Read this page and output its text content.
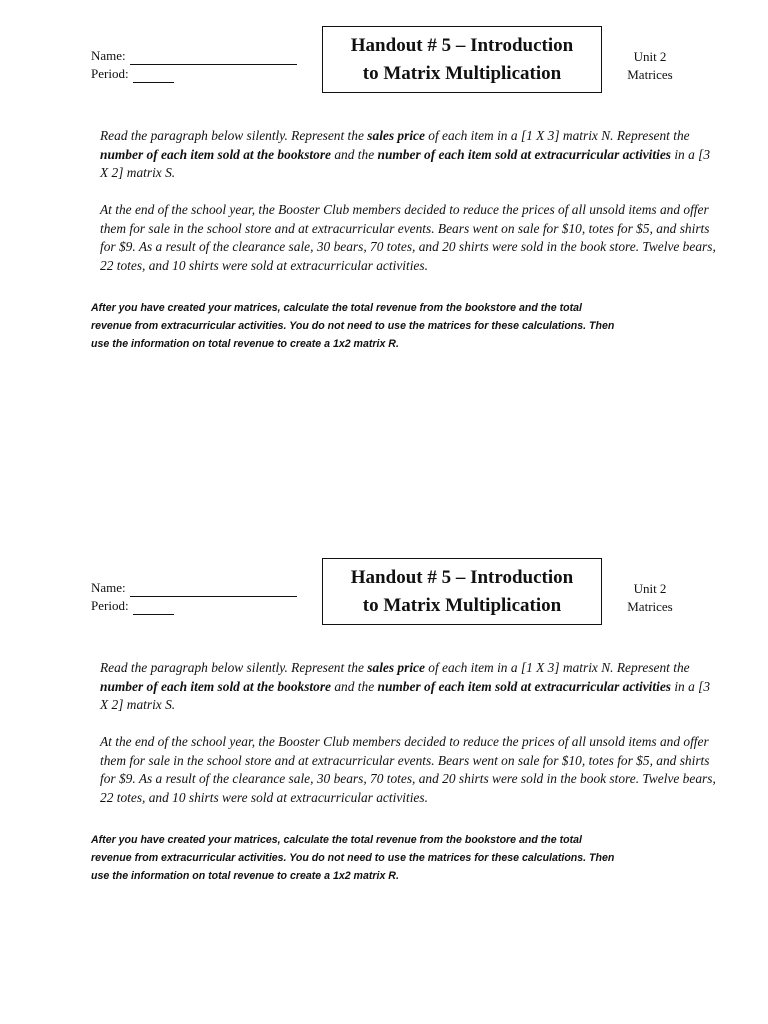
Name:
Period:
Handout # 5 – Introduction
to Matrix Multiplication
Unit 2
Matrices
Read the paragraph below silently. Represent the sales price of each item in a [1 X 3] matrix N. Represent the number of each item sold at the bookstore and the number of each item sold at extracurricular activities in a [3 X 2] matrix S.
At the end of the school year, the Booster Club members decided to reduce the prices of all unsold items and offer them for sale in the school store and at extracurricular events. Bears went on sale for $10, totes for $5, and shirts for $9. As a result of the clearance sale, 30 bears, 70 totes, and 20 shirts were sold in the book store. Twelve bears, 22 totes, and 10 shirts were sold at extracurricular activities.
After you have created your matrices, calculate the total revenue from the bookstore and the total
revenue from extracurricular activities. You do not need to use the matrices for these calculations. Then
use the information on total revenue to create a 1x2 matrix R.
Name:
Period:
Handout # 5 – Introduction
to Matrix Multiplication
Unit 2
Matrices
Read the paragraph below silently. Represent the sales price of each item in a [1 X 3] matrix N. Represent the number of each item sold at the bookstore and the number of each item sold at extracurricular activities in a [3 X 2] matrix S.
At the end of the school year, the Booster Club members decided to reduce the prices of all unsold items and offer them for sale in the school store and at extracurricular events. Bears went on sale for $10, totes for $5, and shirts for $9. As a result of the clearance sale, 30 bears, 70 totes, and 20 shirts were sold in the book store. Twelve bears, 22 totes, and 10 shirts were sold at extracurricular activities.
After you have created your matrices, calculate the total revenue from the bookstore and the total
revenue from extracurricular activities. You do not need to use the matrices for these calculations. Then
use the information on total revenue to create a 1x2 matrix R.
